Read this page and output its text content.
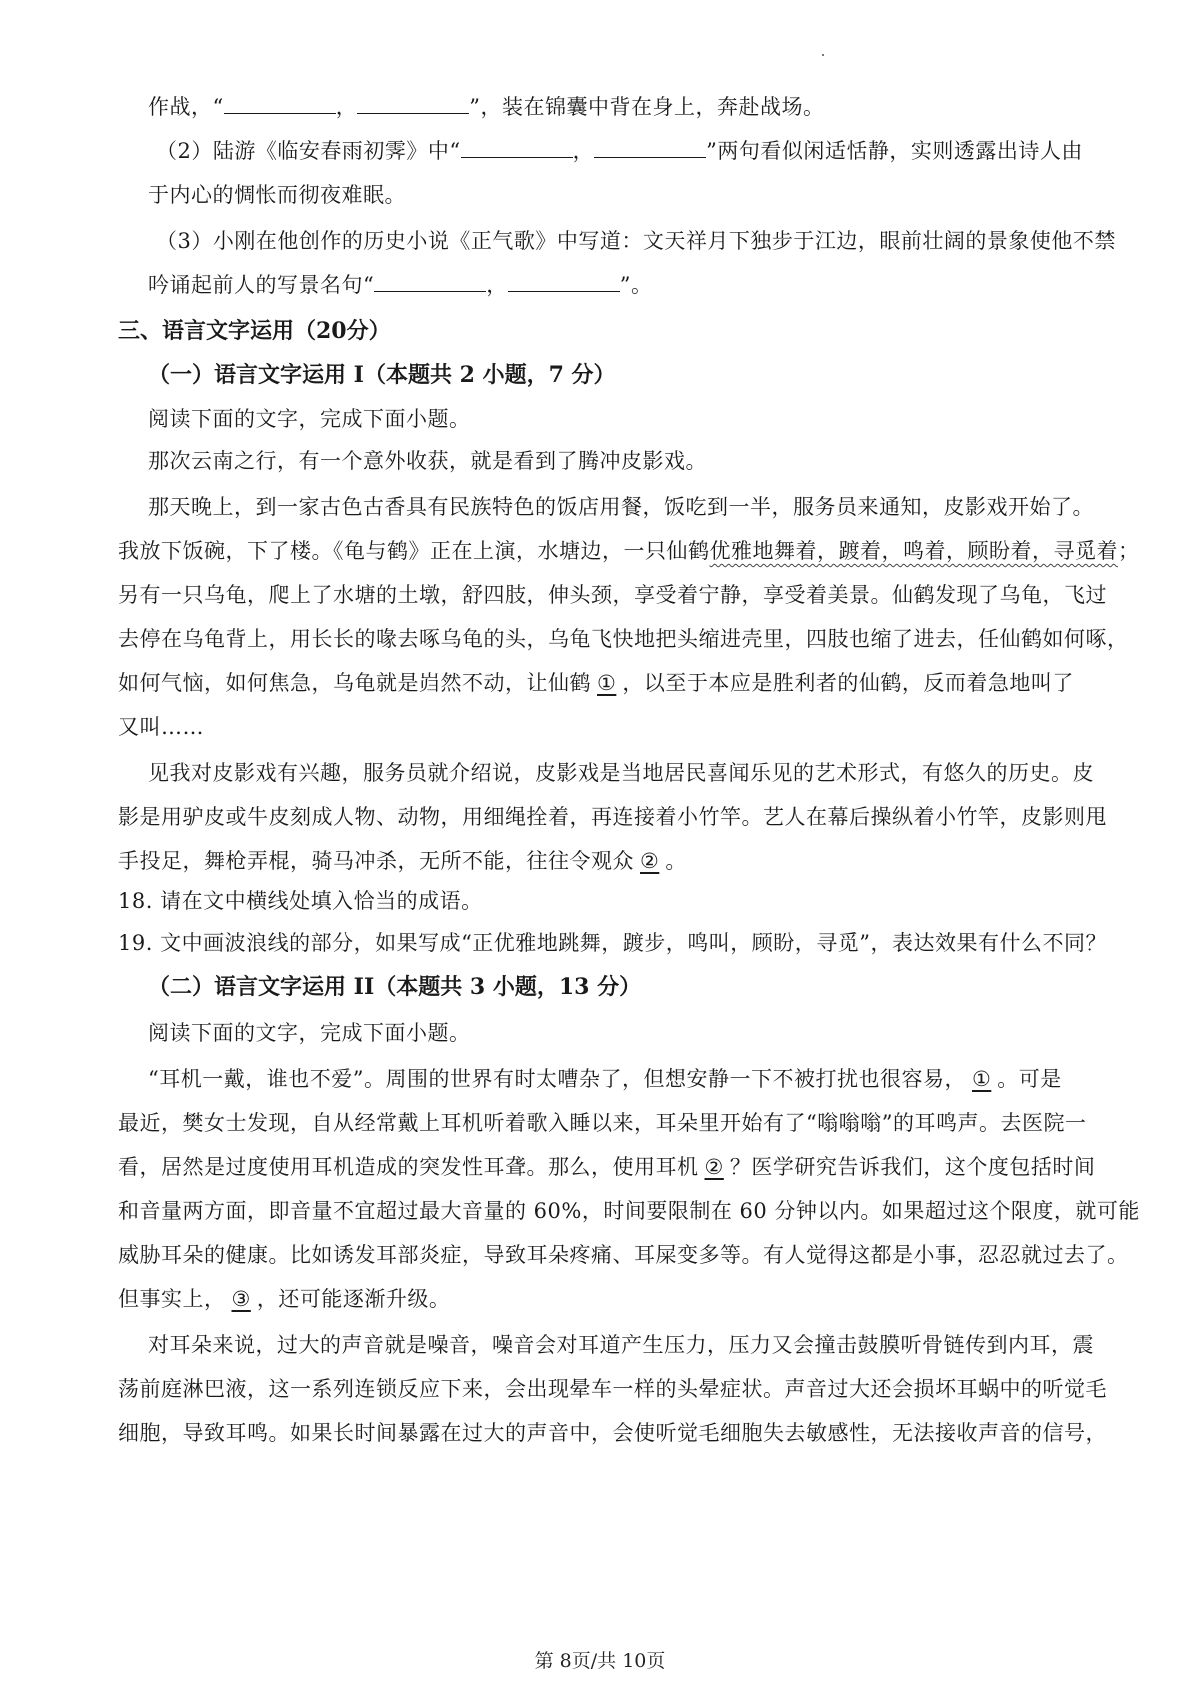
作战，“	，	”，装在锦囊中背在身上，奔赴战场。
（2）陆游《临安春雨初霁》中“	，	”两句看似闲适恬静，实则透露出诗人由
于内心的惆怅而彻夜难眠。
（3）小刚在他创作的历史小说《正气歌》中写道：文天祥月下独步于江边，眼前壮阔的景象使他不禁
吟诵起前人的写景名句“	，	”。
三、语言文字运用（20分）
（一）语言文字运用 I（本题共 2 小题，7 分）
阅读下面的文字，完成下面小题。
那次云南之行，有一个意外收获，就是看到了腾冲皮影戏。
那天晚上，到一家古色古香具有民族特色的饭店用餐，饭吃到一半，服务员来通知，皮影戏开始了。
我放下饭碗，下了楼。《龟与鹤》正在上演，水塘边，一只仙鹤优雅地舞着，踱着，鸣着，顾盼着，寻觅着；
另有一只乌龟，爬上了水塘的土墩，舒四肢，伸头颈，享受着宁静，享受着美景。仙鹤发现了乌龟，飞过
去停在乌龟背上，用长长的喙去啄乌龟的头，乌龟飞快地把头缩进壳里，四肢也缩了进去，任仙鹤如何啄，
如何气恼，如何焦急，乌龟就是岿然不动，让仙鹤 ① ，以至于本应是胜利者的仙鹤，反而着急地叫了
又叫……
见我对皮影戏有兴趣，服务员就介绍说，皮影戏是当地居民喜闻乐见的艺术形式，有悠久的历史。皮
影是用驴皮或牛皮刻成人物、动物，用细绳拴着，再连接着小竹竿。艺人在幕后操纵着小竹竿，皮影则甩
手投足，舞枪弄棍，骑马冲杀，无所不能，往往令观众 ② 。
18. 请在文中横线处填入恰当的成语。
19. 文中画波浪线的部分，如果写成“正优雅地跳舞，踱步，鸣叫，顾盼，寻觅”，表达效果有什么不同？
（二）语言文字运用 II（本题共 3 小题，13 分）
阅读下面的文字，完成下面小题。
“耳机一戴，谁也不爱”。周围的世界有时太嘈杂了，但想安静一下不被打扰也很容易， ① 。可是
最近，樊女士发现，自从经常戴上耳机听着歌入睡以来，耳朵里开始有了“嗡嗡嗡”的耳鸣声。去医院一
看，居然是过度使用耳机造成的突发性耳聋。那么，使用耳机 ② ？医学研究告诉我们，这个度包括时间
和音量两方面，即音量不宜超过最大音量的 60%，时间要限制在 60 分钟以内。如果超过这个限度，就可能
威胁耳朵的健康。比如诱发耳部炎症，导致耳朵疼痛、耳屎变多等。有人觉得这都是小事，忍忍就过去了。
但事实上， ③ ，还可能逐渐升级。
对耳朵来说，过大的声音就是噪音，噪音会对耳道产生压力，压力又会撞击鼓膜听骨链传到内耳，震
荡前庭淋巴液，这一系列连锁反应下来，会出现晕车一样的头晕症状。声音过大还会损坏耳蜗中的听觉毛
细胞，导致耳鸣。如果长时间暴露在过大的声音中，会使听觉毛细胞失去敏感性，无法接收声音的信号，
第 8页/共 10页
